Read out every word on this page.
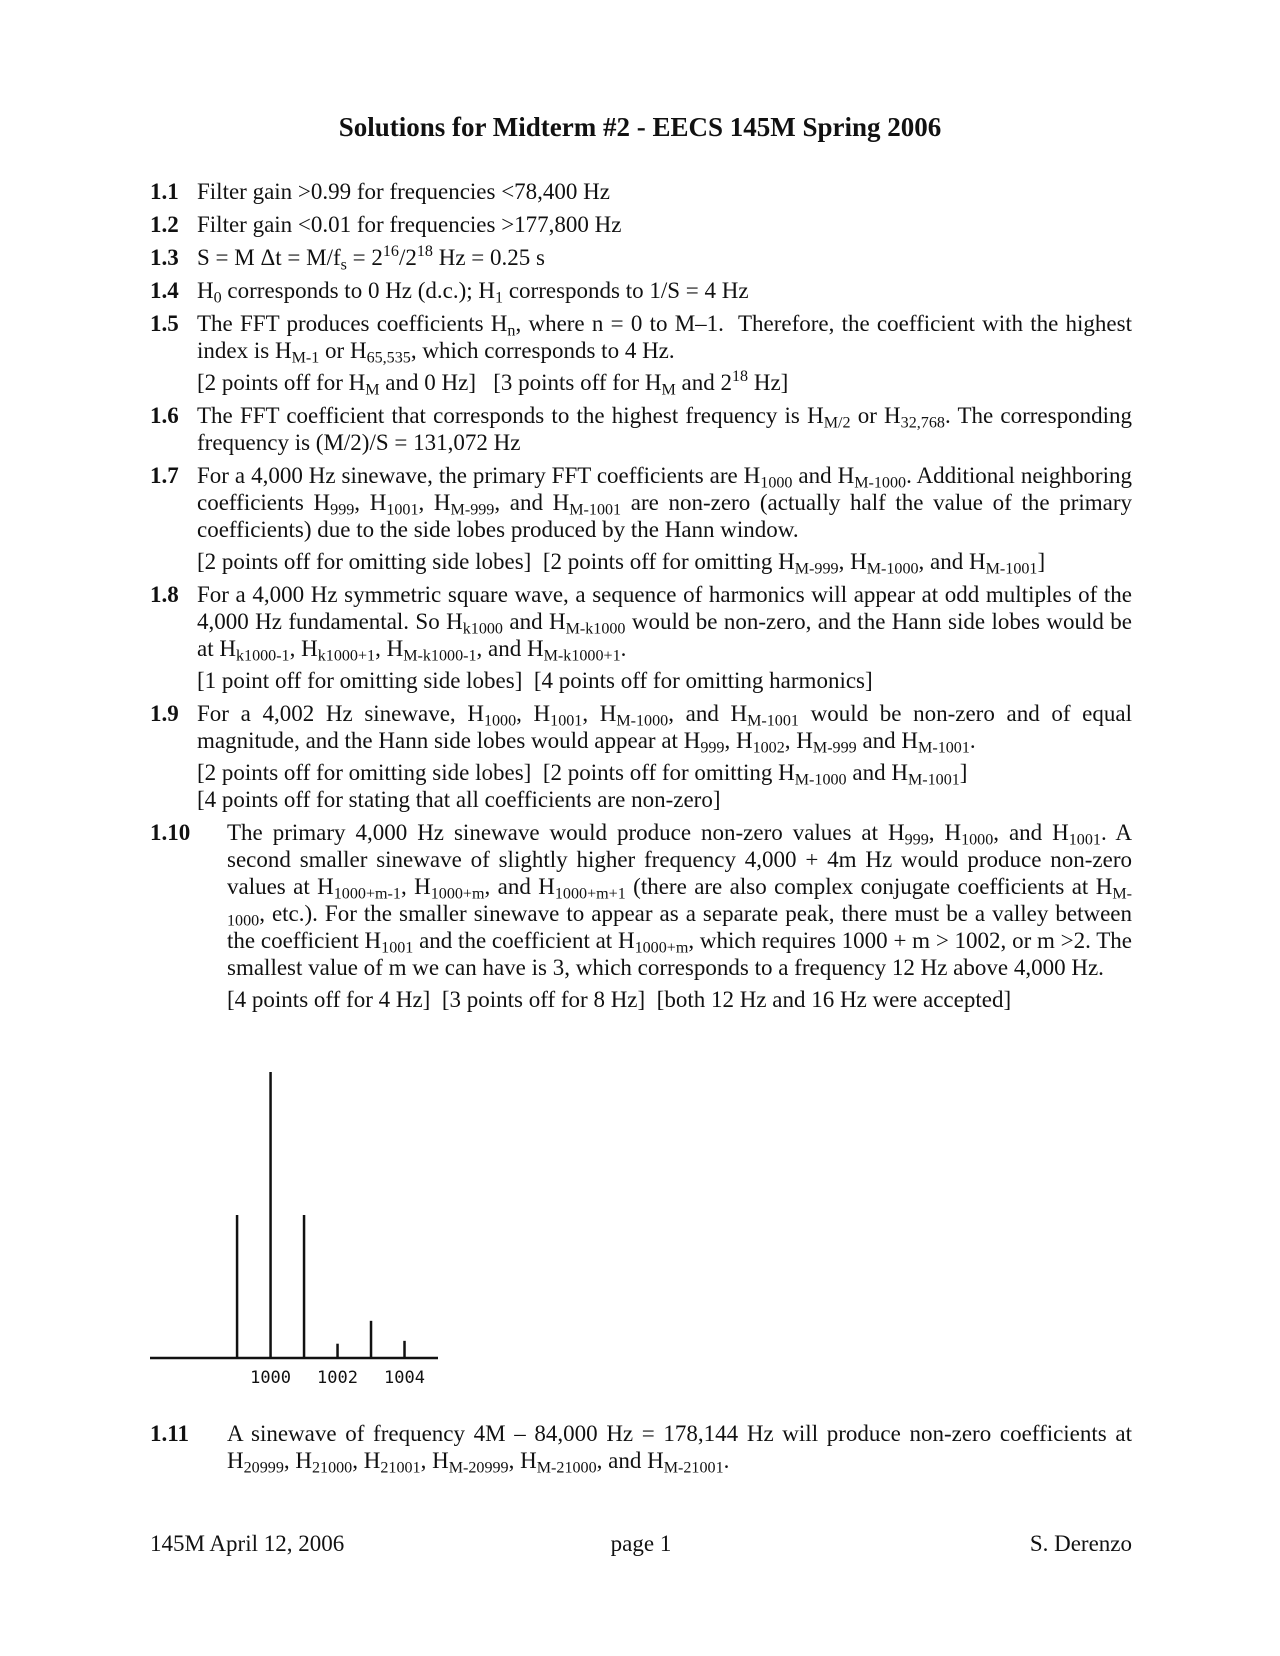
Solutions for Midterm #2 - EECS 145M Spring 2006
1.1 Filter gain >0.99 for frequencies <78,400 Hz
1.2 Filter gain <0.01 for frequencies >177,800 Hz
1.3 S = M $\Delta t = M/f_s = 2^{16}/2^{18}$ Hz = 0.25 s
1.4 $H_0$ corresponds to 0 Hz (d.c.); $H_1$ corresponds to 1/S = 4 Hz
1.5 The FFT produces coefficients $H_n$, where n = 0 to M–1.  Therefore, the coefficient with the highest index is $H_{M-1}$ or $H_{65,535}$, which corresponds to 4 Hz.
[2 points off for $H_M$ and 0 Hz]   [3 points off for $H_M$ and $2^{18}$ Hz]
1.6 The FFT coefficient that corresponds to the highest frequency is $H_{M/2}$ or $H_{32,768}$. The corresponding frequency is (M/2)/S = 131,072 Hz
1.7 For a 4,000 Hz sinewave, the primary FFT coefficients are $H_{1000}$ and $H_{M-1000}$. Additional neighboring coefficients $H_{999}$, $H_{1001}$, $H_{M-999}$, and $H_{M-1001}$ are non-zero (actually half the value of the primary coefficients) due to the side lobes produced by the Hann window.
[2 points off for omitting side lobes]  [2 points off for omitting $H_{M-999}$, $H_{M-1000}$, and $H_{M-1001}$]
1.8 For a 4,000 Hz symmetric square wave, a sequence of harmonics will appear at odd multiples of the 4,000 Hz fundamental. So $H_{k1000}$ and $H_{M-k1000}$ would be non-zero, and the Hann side lobes would be at $H_{k1000-1}$, $H_{k1000+1}$, $H_{M-k1000-1}$, and $H_{M-k1000+1}$.
[1 point off for omitting side lobes]  [4 points off for omitting harmonics]
1.9 For a 4,002 Hz sinewave, $H_{1000}$, $H_{1001}$, $H_{M-1000}$, and $H_{M-1001}$ would be non-zero and of equal magnitude, and the Hann side lobes would appear at $H_{999}$, $H_{1002}$, $H_{M-999}$ and $H_{M-1001}$.
[2 points off for omitting side lobes]  [2 points off for omitting $H_{M-1000}$ and $H_{M-1001}$]
[4 points off for stating that all coefficients are non-zero]
1.10	The primary 4,000 Hz sinewave would produce non-zero values at $H_{999}$, $H_{1000}$, and $H_{1001}$. A second smaller sinewave of slightly higher frequency 4,000 + 4m Hz would produce non-zero values at $H_{1000+m-1}$, $H_{1000+m}$, and $H_{1000+m+1}$ (there are also complex conjugate coefficients at $H_{M-1000}$, etc.). For the smaller sinewave to appear as a separate peak, there must be a valley between the coefficient $H_{1001}$ and the coefficient at $H_{1000+m}$, which requires 1000 + m > 1002, or m >2. The smallest value of m we can have is 3, which corresponds to a frequency 12 Hz above 4,000 Hz.
[4 points off for 4 Hz]  [3 points off for 8 Hz]  [both 12 Hz and 16 Hz were accepted]
1000 1002 1004
1.11	A sinewave of frequency 4M – 84,000 Hz = 178,144 Hz will produce non-zero coefficients at $H_{20999}$, $H_{21000}$, $H_{21001}$, $H_{M-20999}$, $H_{M-21000}$, and $H_{M-21001}$.
145M April 12, 2006	page 1	S. Derenzo
